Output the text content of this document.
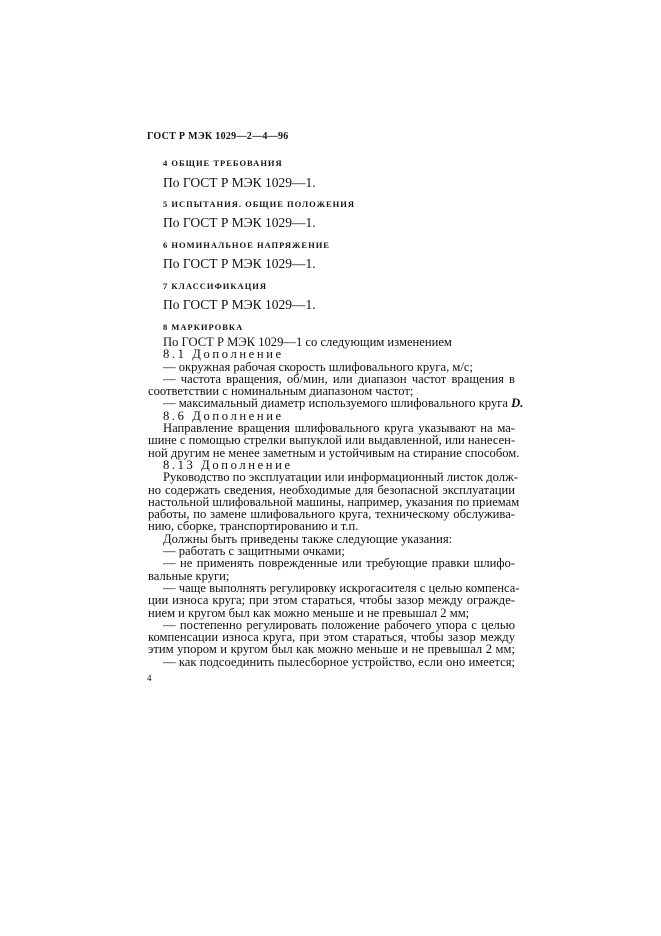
ГОСТ Р МЭК 1029—2—4—96
4 ОБЩИЕ ТРЕБОВАНИЯ
По ГОСТ Р МЭК 1029—1.
5 ИСПЫТАНИЯ. ОБЩИЕ ПОЛОЖЕНИЯ
По ГОСТ Р МЭК 1029—1.
6 НОМИНАЛЬНОЕ НАПРЯЖЕНИЕ
По ГОСТ Р МЭК 1029—1.
7 КЛАССИФИКАЦИЯ
По ГОСТ Р МЭК 1029—1.
8 МАРКИРОВКА
По ГОСТ Р МЭК 1029—1 со следующим изменением
8.1 Дополнение
— окружная рабочая скорость шлифовального круга, м/с;
— частота вращения, об/мин, или диапазон частот вращения в
соответствии с номинальным диапазоном частот;
— максимальный диаметр используемого шлифовального круга D.
8.6 Дополнение
Направление вращения шлифовального круга указывают на ма-
шине с помощью стрелки выпуклой или выдавленной, или нанесен-
ной другим не менее заметным и устойчивым на стирание способом.
8.13 Дополнение
Руководство по эксплуатации или информационный листок долж-
но содержать сведения, необходимые для безопасной эксплуатации
настольной шлифовальной машины, например, указания по приемам
работы, по замене шлифовального круга, техническому обслужива-
нию, сборке, транспортированию и т.п.
Должны быть приведены также следующие указания:
— работать с защитными очками;
— не применять поврежденные или требующие правки шлифо-
вальные круги;
— чаще выполнять регулировку искрогасителя с целью компенса-
ции износа круга; при этом стараться, чтобы зазор между огражде-
нием и кругом был как можно меньше и не превышал 2 мм;
— постепенно регулировать положение рабочего упора с целью
компенсации износа круга, при этом стараться, чтобы зазор между
этим упором и кругом был как можно меньше и не превышал 2 мм;
— как подсоединить пылесборное устройство, если оно имеется;
4
